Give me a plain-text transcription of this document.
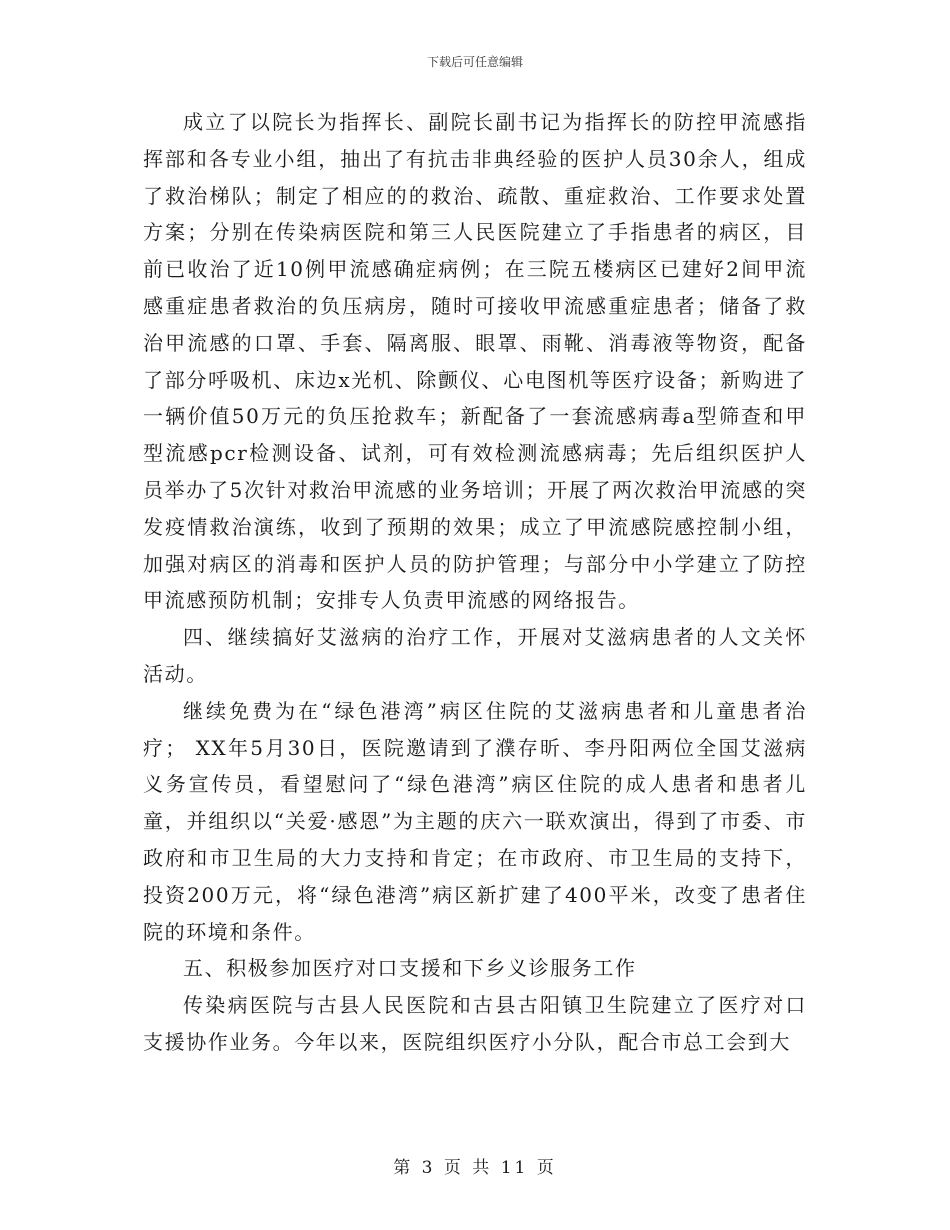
下载后可任意编辑

成立了以院长为指挥长、副院长副书记为指挥长的防控甲流感指挥部和各专业小组，抽出了有抗击非典经验的医护人员30余人，组成了救治梯队；制定了相应的的救治、疏散、重症救治、工作要求处置方案；分别在传染病医院和第三人民医院建立了手指患者的病区，目前已收治了近10例甲流感确症病例；在三院五楼病区已建好2间甲流感重症患者救治的负压病房，随时可接收甲流感重症患者；储备了救治甲流感的口罩、手套、隔离服、眼罩、雨靴、消毒液等物资，配备了部分呼吸机、床边x光机、除颤仪、心电图机等医疗设备；新购进了一辆价值50万元的负压抢救车；新配备了一套流感病毒a型筛查和甲型流感pcr检测设备、试剂，可有效检测流感病毒；先后组织医护人员举办了5次针对救治甲流感的业务培训；开展了两次救治甲流感的突发疫情救治演练，收到了预期的效果；成立了甲流感院感控制小组，加强对病区的消毒和医护人员的防护管理；与部分中小学建立了防控甲流感预防机制；安排专人负责甲流感的网络报告。

四、继续搞好艾滋病的治疗工作，开展对艾滋病患者的人文关怀活动。

继续免费为在“绿色港湾”病区住院的艾滋病患者和儿童患者治疗； XX年5月30日，医院邀请到了濮存昕、李丹阳两位全国艾滋病义务宣传员，看望慰问了“绿色港湾”病区住院的成人患者和患者儿童，并组织以“关爱·感恩”为主题的庆六一联欢演出，得到了市委、市政府和市卫生局的大力支持和肯定；在市政府、市卫生局的支持下，投资200万元，将“绿色港湾”病区新扩建了400平米，改变了患者住院的环境和条件。

五、积极参加医疗对口支援和下乡义诊服务工作

传染病医院与古县人民医院和古县古阳镇卫生院建立了医疗对口支援协作业务。今年以来，医院组织医疗小分队，配合市总工会到大

第 3 页 共 11 页
